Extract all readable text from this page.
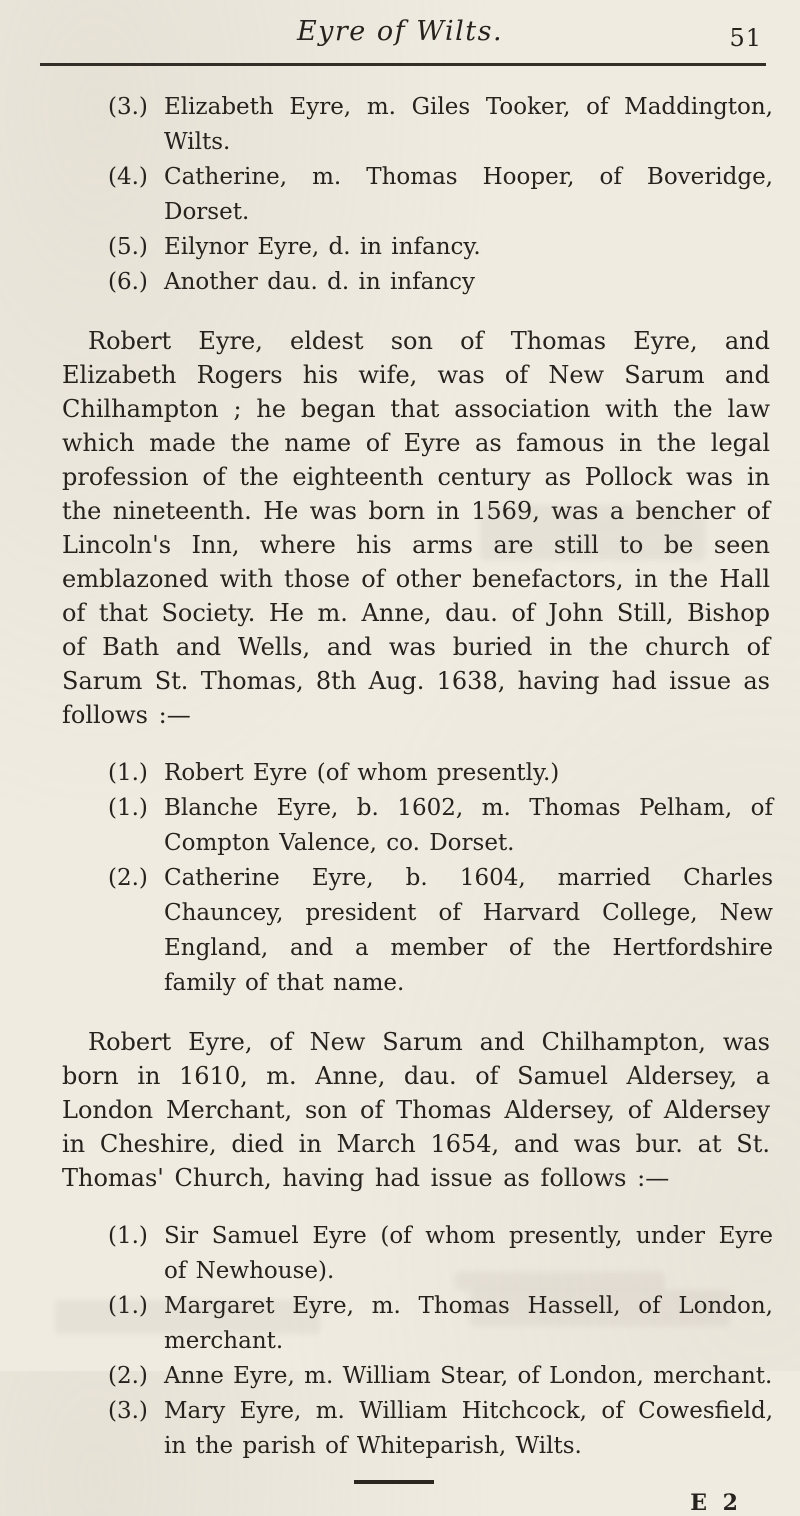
Eyre of Wilts.	51
(3.) Elizabeth Eyre, m. Giles Tooker, of Maddington, Wilts.
(4.) Catherine, m. Thomas Hooper, of Boveridge, Dorset.
(5.) Eilynor Eyre, d. in infancy.
(6.) Another dau. d. in infancy

Robert Eyre, eldest son of Thomas Eyre, and Elizabeth Rogers his wife, was of New Sarum and Chilhampton ; he began that association with the law which made the name of Eyre as famous in the legal profession of the eighteenth century as Pollock was in the nineteenth. He was born in 1569, was a bencher of Lincoln's Inn, where his arms are still to be seen emblazoned with those of other benefactors, in the Hall of that Society. He m. Anne, dau. of John Still, Bishop of Bath and Wells, and was buried in the church of Sarum St. Thomas, 8th Aug. 1638, having had issue as follows :—

(1.) Robert Eyre (of whom presently.)
(1.) Blanche Eyre, b. 1602, m. Thomas Pelham, of Compton Valence, co. Dorset.
(2.) Catherine Eyre, b. 1604, married Charles Chauncey, president of Harvard College, New England, and a member of the Hertfordshire family of that name.

Robert Eyre, of New Sarum and Chilhampton, was born in 1610, m. Anne, dau. of Samuel Aldersey, a London Merchant, son of Thomas Aldersey, of Aldersey in Cheshire, died in March 1654, and was bur. at St. Thomas' Church, having had issue as follows :—

(1.) Sir Samuel Eyre (of whom presently, under Eyre of Newhouse).
(1.) Margaret Eyre, m. Thomas Hassell, of London, merchant.
(2.) Anne Eyre, m. William Stear, of London, merchant.
(3.) Mary Eyre, m. William Hitchcock, of Cowesfield, in the parish of Whiteparish, Wilts.
E 2
